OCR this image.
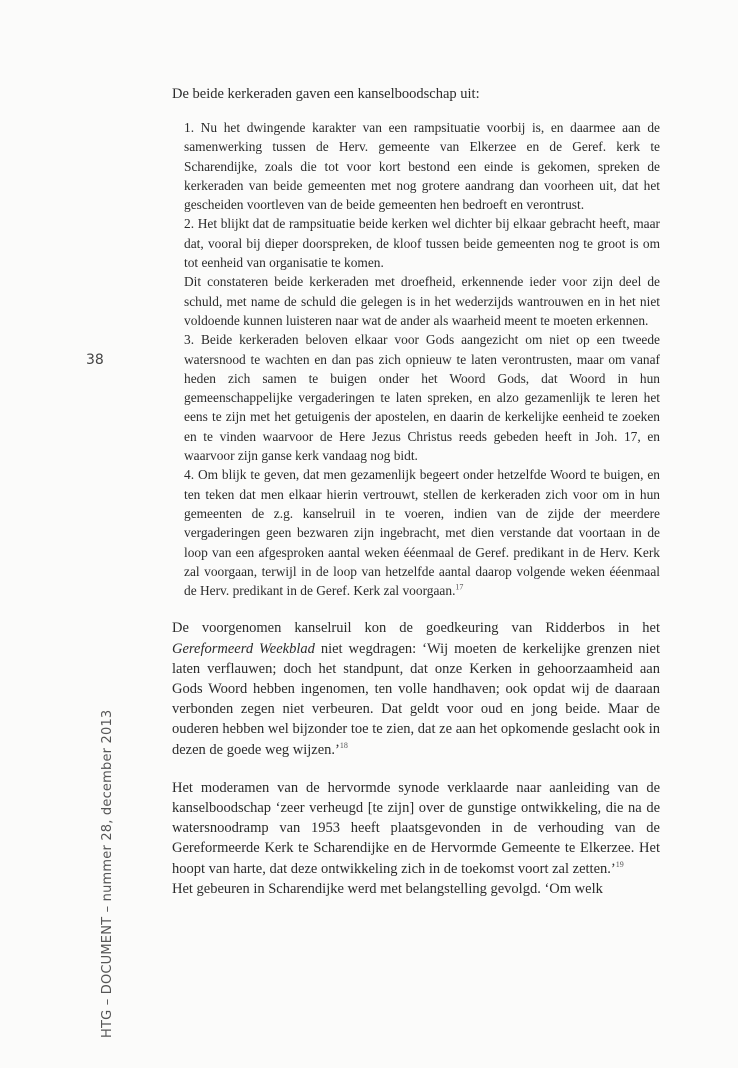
38
HTG – DOCUMENT – nummer 28, december 2013

De beide kerkeraden gaven een kanselboodschap uit:

1. Nu het dwingende karakter van een rampsituatie voorbij is, en daarmee aan de samenwerking tussen de Herv. gemeente van Elkerzee en de Geref. kerk te Scharendijke, zoals die tot voor kort bestond een einde is gekomen, spreken de kerkeraden van beide gemeenten met nog grotere aandrang dan voorheen uit, dat het gescheiden voortleven van de beide gemeenten hen bedroeft en verontrust.

2. Het blijkt dat de rampsituatie beide kerken wel dichter bij elkaar gebracht heeft, maar dat, vooral bij dieper doorspreken, de kloof tussen beide gemeenten nog te groot is om tot eenheid van organisatie te komen.

Dit constateren beide kerkeraden met droefheid, erkennende ieder voor zijn deel de schuld, met name de schuld die gelegen is in het wederzijds wantrouwen en in het niet voldoende kunnen luisteren naar wat de ander als waarheid meent te moeten erkennen.

3. Beide kerkeraden beloven elkaar voor Gods aangezicht om niet op een tweede watersnood te wachten en dan pas zich opnieuw te laten verontrusten, maar om vanaf heden zich samen te buigen onder het Woord Gods, dat Woord in hun gemeenschappelijke vergaderingen te laten spreken, en alzo gezamenlijk te leren het eens te zijn met het getuigenis der apostelen, en daarin de kerkelijke eenheid te zoeken en te vinden waarvoor de Here Jezus Christus reeds gebeden heeft in Joh. 17, en waarvoor zijn ganse kerk vandaag nog bidt.

4. Om blijk te geven, dat men gezamenlijk begeert onder hetzelfde Woord te buigen, en ten teken dat men elkaar hierin vertrouwt, stellen de kerkeraden zich voor om in hun gemeenten de z.g. kanselruil in te voeren, indien van de zijde der meerdere vergaderingen geen bezwaren zijn ingebracht, met dien verstande dat voortaan in de loop van een afgesproken aantal weken ééenmaal de Geref. predikant in de Herv. Kerk zal voorgaan, terwijl in de loop van hetzelfde aantal daarop volgende weken ééenmaal de Herv. predikant in de Geref. Kerk zal voorgaan.$^{17}$

De voorgenomen kanselruil kon de goedkeuring van Ridderbos in het Gereformeerd Weekblad niet wegdragen: ‘Wij moeten de kerkelijke grenzen niet laten verflauwen; doch het standpunt, dat onze Kerken in gehoorzaamheid aan Gods Woord hebben ingenomen, ten volle handhaven; ook opdat wij de daaraan verbonden zegen niet verbeuren. Dat geldt voor oud en jong beide. Maar de ouderen hebben wel bijzonder toe te zien, dat ze aan het opkomende geslacht ook in dezen de goede weg wijzen.’$^{18}$

Het moderamen van de hervormde synode verklaarde naar aanleiding van de kanselboodschap ‘zeer verheugd [te zijn] over de gunstige ontwikkeling, die na de watersnoodramp van 1953 heeft plaatsgevonden in de verhouding van de Gereformeerde Kerk te Scharendijke en de Hervormde Gemeente te Elkerzee. Het hoopt van harte, dat deze ontwikkeling zich in de toekomst voort zal zetten.’$^{19}$

Het gebeuren in Scharendijke werd met belangstelling gevolgd. ‘Om welk
